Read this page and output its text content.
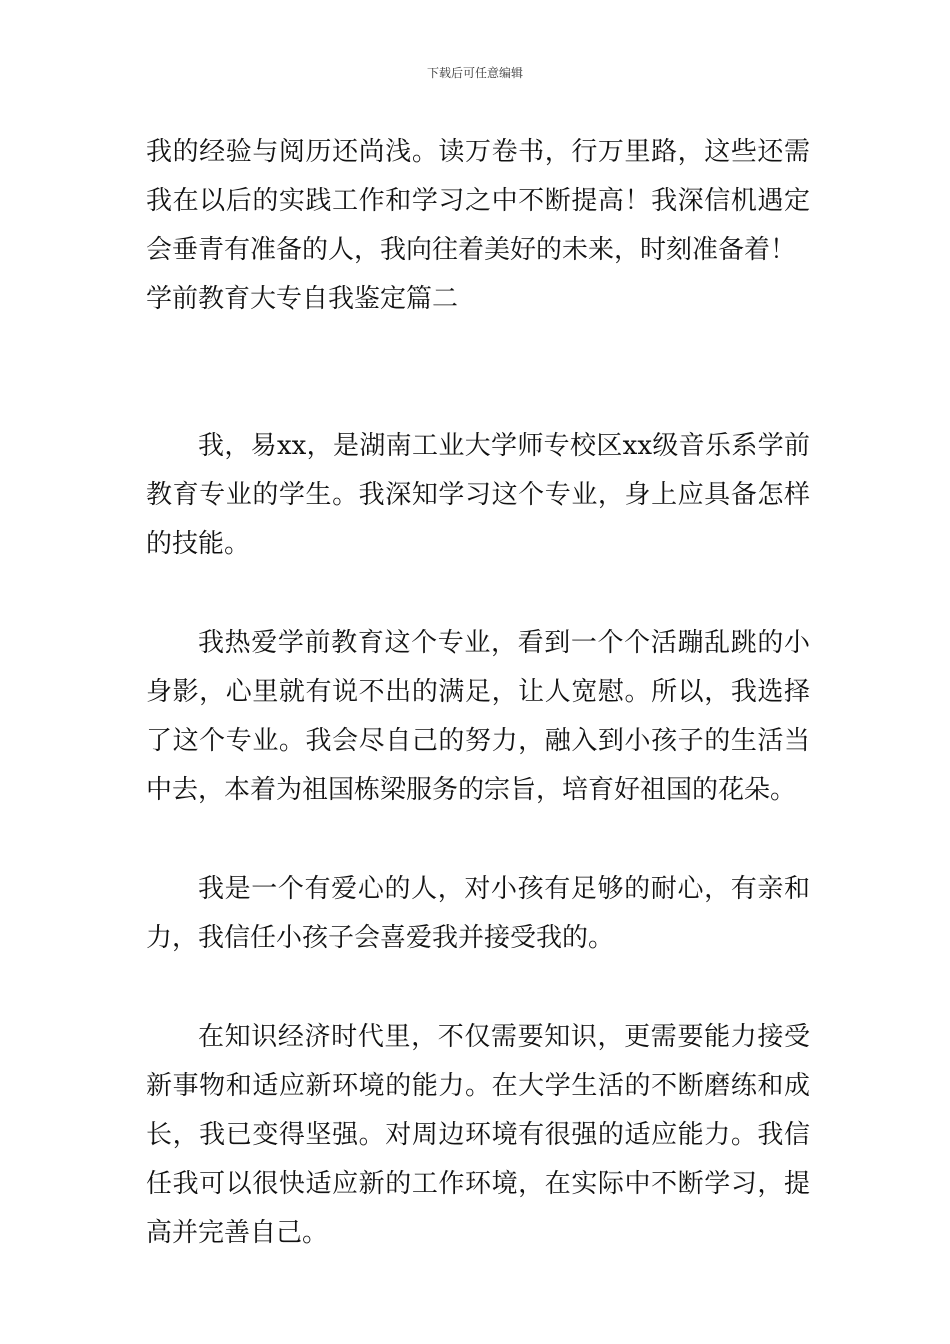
下载后可任意编辑

我的经验与阅历还尚浅。读万卷书，行万里路，这些还需我在以后的实践工作和学习之中不断提高！我深信机遇定会垂青有准备的人，我向往着美好的未来，时刻准备着！

学前教育大专自我鉴定篇二

我，易xx，是湖南工业大学师专校区xx级音乐系学前教育专业的学生。我深知学习这个专业，身上应具备怎样的技能。

我热爱学前教育这个专业，看到一个个活蹦乱跳的小身影，心里就有说不出的满足，让人宽慰。所以，我选择了这个专业。我会尽自己的努力，融入到小孩子的生活当中去，本着为祖国栋梁服务的宗旨，培育好祖国的花朵。

我是一个有爱心的人，对小孩有足够的耐心，有亲和力，我信任小孩子会喜爱我并接受我的。

在知识经济时代里，不仅需要知识，更需要能力接受新事物和适应新环境的能力。在大学生活的不断磨练和成长，我已变得坚强。对周边环境有很强的适应能力。我信任我可以很快适应新的工作环境，在实际中不断学习，提高并完善自己。
